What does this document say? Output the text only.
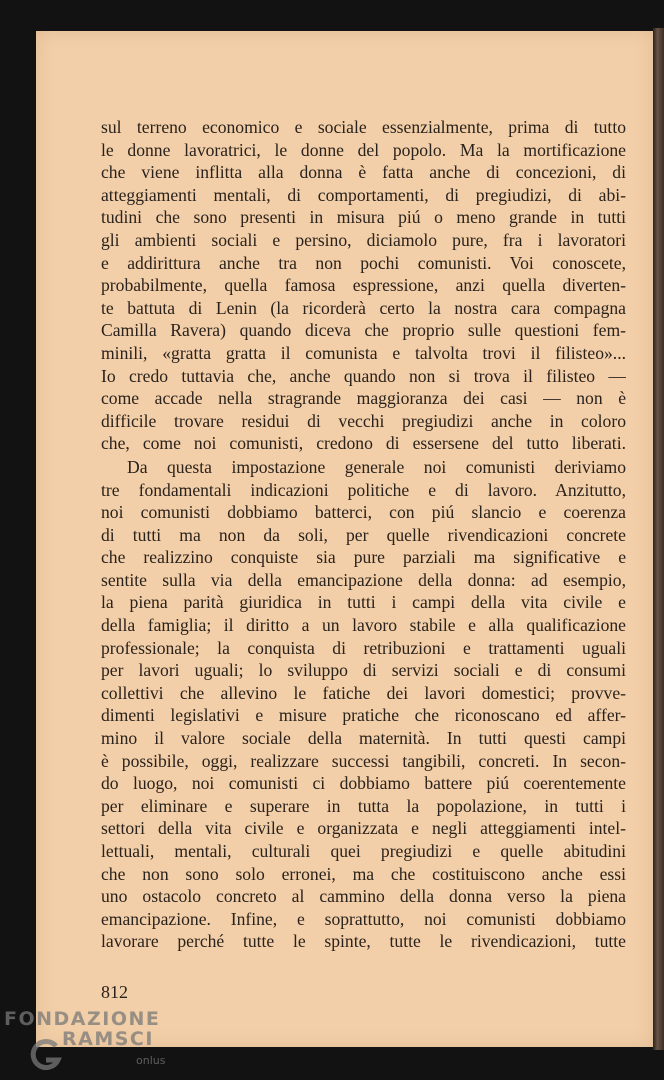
sul terreno economico e sociale essenzialmente, prima di tutto
le donne lavoratrici, le donne del popolo. Ma la mortificazione
che viene inflitta alla donna è fatta anche di concezioni, di
atteggiamenti mentali, di comportamenti, di pregiudizi, di abi-
tudini che sono presenti in misura piú o meno grande in tutti
gli ambienti sociali e persino, diciamolo pure, fra i lavoratori
e addirittura anche tra non pochi comunisti. Voi conoscete,
probabilmente, quella famosa espressione, anzi quella diverten-
te battuta di Lenin (la ricorderà certo la nostra cara compagna
Camilla Ravera) quando diceva che proprio sulle questioni fem-
minili, «gratta gratta il comunista e talvolta trovi il filisteo»...
Io credo tuttavia che, anche quando non si trova il filisteo —
come accade nella stragrande maggioranza dei casi — non è
difficile trovare residui di vecchi pregiudizi anche in coloro
che, come noi comunisti, credono di essersene del tutto liberati.

Da questa impostazione generale noi comunisti deriviamo
tre fondamentali indicazioni politiche e di lavoro. Anzitutto,
noi comunisti dobbiamo batterci, con piú slancio e coerenza
di tutti ma non da soli, per quelle rivendicazioni concrete
che realizzino conquiste sia pure parziali ma significative e
sentite sulla via della emancipazione della donna: ad esempio,
la piena parità giuridica in tutti i campi della vita civile e
della famiglia; il diritto a un lavoro stabile e alla qualificazione
professionale; la conquista di retribuzioni e trattamenti uguali
per lavori uguali; lo sviluppo di servizi sociali e di consumi
collettivi che allevino le fatiche dei lavori domestici; provve-
dimenti legislativi e misure pratiche che riconoscano ed affer-
mino il valore sociale della maternità. In tutti questi campi
è possibile, oggi, realizzare successi tangibili, concreti. In secon-
do luogo, noi comunisti ci dobbiamo battere piú coerentemente
per eliminare e superare in tutta la popolazione, in tutti i
settori della vita civile e organizzata e negli atteggiamenti intel-
lettuali, mentali, culturali quei pregiudizi e quelle abitudini
che non sono solo erronei, ma che costituiscono anche essi
uno ostacolo concreto al cammino della donna verso la piena
emancipazione. Infine, e soprattutto, noi comunisti dobbiamo
lavorare perché tutte le spinte, tutte le rivendicazioni, tutte

812
FONDAZIONE
RAMSCI
onlus
